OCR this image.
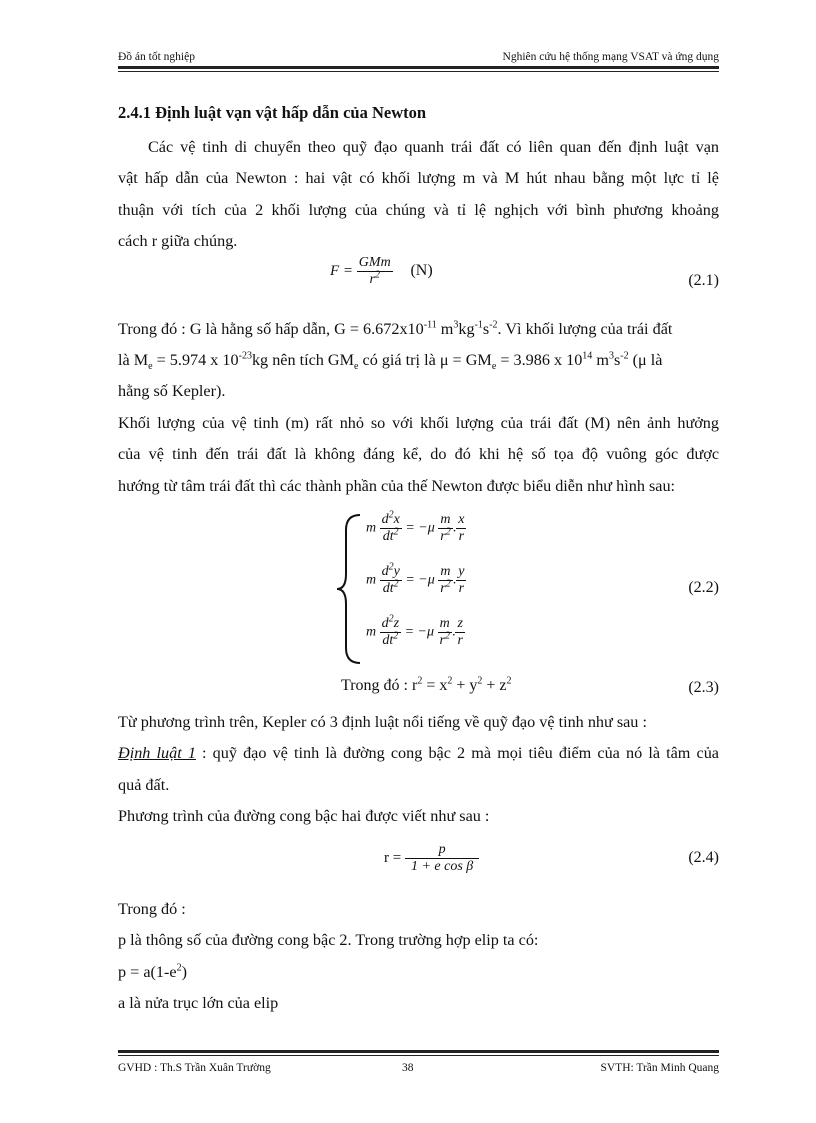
Đồ án tốt nghiệp	Nghiên cứu hệ thống mạng VSAT và ứng dụng
2.4.1 Định luật vạn vật hấp dẫn của Newton
Các vệ tinh di chuyển theo quỹ đạo quanh trái đất có liên quan đến định luật vạn
vật hấp dẫn của Newton : hai vật có khối lượng m và M hút nhau bằng một lực tỉ lệ
thuận với tích của 2 khối lượng của chúng và tỉ lệ nghịch với bình phương khoảng
cách r giữa chúng.
$F = \frac{\text{GMm}}{r^2} (N)$
(2.1)
Trong đó : G là hằng số hấp dẫn, $G = 6.672x10^{-11}$ $m^3kg^{-1}s^{-2}$. Vì khối lượng của trái đất
là $M_e = 5.974$ x $10^{-23}kg$ nên tích $GM_e$ có giá trị là $\mu = GM_e = 3.986$ x $10^{14}$ $m^3s^{-2}$ (μ là
hằng số Kepler).
Khối lượng của vệ tinh (m) rất nhỏ so với khối lượng của trái đất (M) nên ảnh hưởng
của vệ tinh đến trái đất là không đáng kể, do đó khi hệ số tọa độ vuông góc được
hướng từ tâm trái đất thì các thành phần của thế Newton được biểu diễn như hình sau:
m $\frac{d^2x}{dt^2} = -\mu \frac{m}{r^2}$ . $\frac{x}{r}$
m $\frac{d^2y}{dt^2} = -\mu \frac{m}{r^2}$ . $\frac{y}{r}$
m $\frac{d^2z}{dt^2} = -\mu \frac{m}{r^2}$ . $\frac{z}{r}$
(2.2)
Trong đó : $r^2 = x^2 + y^2 + z^2$	(2.3)
Từ phương trình trên, Kepler có 3 định luật nổi tiếng về quỹ đạo vệ tinh như sau :
Định luật 1 : quỹ đạo vệ tinh là đường cong bậc 2 mà mọi tiêu điểm của nó là tâm của
quả đất.
Phương trình của đường cong bậc hai được viết như sau :
$r = \frac{p}{\text{1 + e cos β}}$	(2.4)
Trong đó :
p là thông số của đường cong bậc 2. Trong trường hợp elip ta có:
$p = a(1-e^2)$
a là nửa trục lớn của elip
GVHD : Th.S Trần Xuân Trường	38	SVTH: Trần Minh Quang
